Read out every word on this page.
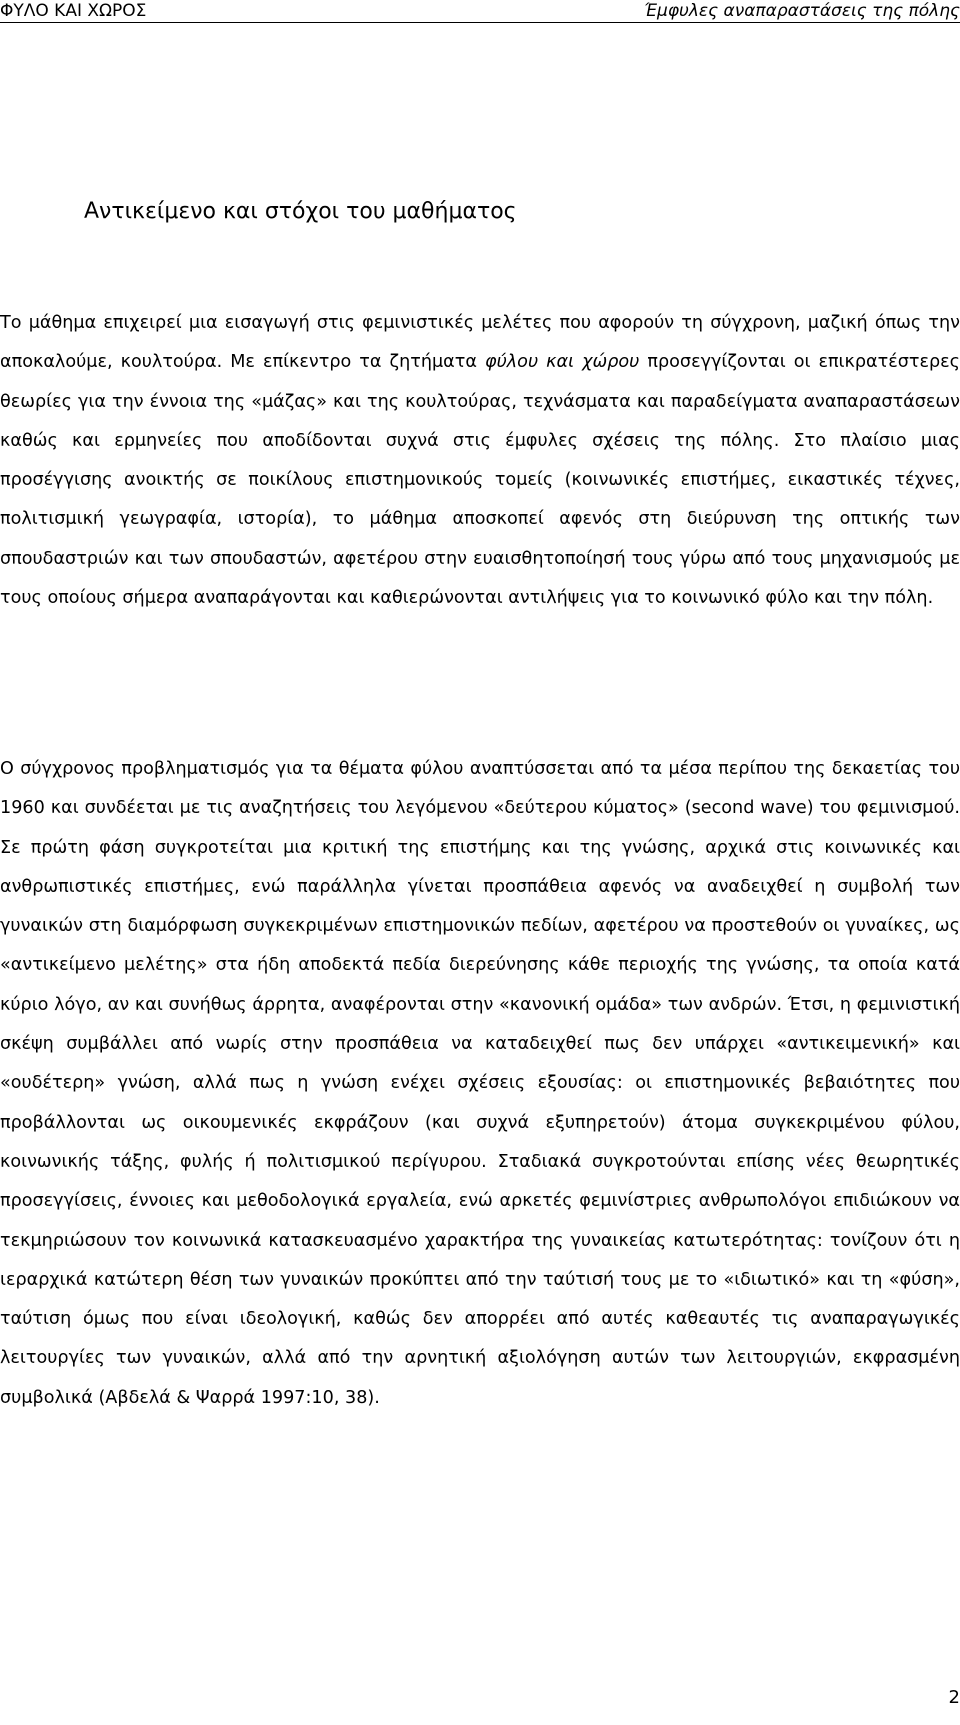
ΦΥΛΟ ΚΑΙ ΧΩΡΟΣ	Έμφυλες αναπαραστάσεις της πόλης
Αντικείμενο και στόχοι του μαθήματος

Το μάθημα επιχειρεί μια εισαγωγή στις φεμινιστικές μελέτες που αφορούν τη σύγχρονη, μαζική όπως την αποκαλούμε, κουλτούρα. Με επίκεντρο τα ζητήματα φύλου και χώρου προσεγγίζονται οι επικρατέστερες θεωρίες για την έννοια της «μάζας» και της κουλτούρας, τεχνάσματα και παραδείγματα αναπαραστάσεων καθώς και ερμηνείες που αποδίδονται συχνά στις έμφυλες σχέσεις της πόλης. Στο πλαίσιο μιας προσέγγισης ανοικτής σε ποικίλους επιστημονικούς τομείς (κοινωνικές επιστήμες, εικαστικές τέχνες, πολιτισμική γεωγραφία, ιστορία), το μάθημα αποσκοπεί αφενός στη διεύρυνση της οπτικής των σπουδαστριών και των σπουδαστών, αφετέρου στην ευαισθητοποίησή τους γύρω από τους μηχανισμούς με τους οποίους σήμερα αναπαράγονται και καθιερώνονται αντιλήψεις για το κοινωνικό φύλο και την πόλη.

Ο σύγχρονος προβληματισμός για τα θέματα φύλου αναπτύσσεται από τα μέσα περίπου της δεκαετίας του 1960 και συνδέεται με τις αναζητήσεις του λεγόμενου «δεύτερου κύματος» (second wave) του φεμινισμού. Σε πρώτη φάση συγκροτείται μια κριτική της επιστήμης και της γνώσης, αρχικά στις κοινωνικές και ανθρωπιστικές επιστήμες, ενώ παράλληλα γίνεται προσπάθεια αφενός να αναδειχθεί η συμβολή των γυναικών στη διαμόρφωση συγκεκριμένων επιστημονικών πεδίων, αφετέρου να προστεθούν οι γυναίκες, ως «αντικείμενο μελέτης» στα ήδη αποδεκτά πεδία διερεύνησης κάθε περιοχής της γνώσης, τα οποία κατά κύριο λόγο, αν και συνήθως άρρητα, αναφέρονται στην «κανονική ομάδα» των ανδρών. Έτσι, η φεμινιστική σκέψη συμβάλλει από νωρίς στην προσπάθεια να καταδειχθεί πως δεν υπάρχει «αντικειμενική» και «ουδέτερη» γνώση, αλλά πως η γνώση ενέχει σχέσεις εξουσίας: οι επιστημονικές βεβαιότητες που προβάλλονται ως οικουμενικές εκφράζουν (και συχνά εξυπηρετούν) άτομα συγκεκριμένου φύλου, κοινωνικής τάξης, φυλής ή πολιτισμικού περίγυρου. Σταδιακά συγκροτούνται επίσης νέες θεωρητικές προσεγγίσεις, έννοιες και μεθοδολογικά εργαλεία, ενώ αρκετές φεμινίστριες ανθρωπολόγοι επιδιώκουν να τεκμηριώσουν τον κοινωνικά κατασκευασμένο χαρακτήρα της γυναικείας κατωτερότητας: τονίζουν ότι η ιεραρχικά κατώτερη θέση των γυναικών προκύπτει από την ταύτισή τους με το «ιδιωτικό» και τη «φύση», ταύτιση όμως που είναι ιδεολογική, καθώς δεν απορρέει από αυτές καθεαυτές τις αναπαραγωγικές λειτουργίες των γυναικών, αλλά από την αρνητική αξιολόγηση αυτών των λειτουργιών, εκφρασμένη συμβολικά (Αβδελά & Ψαρρά 1997:10, 38).

2
